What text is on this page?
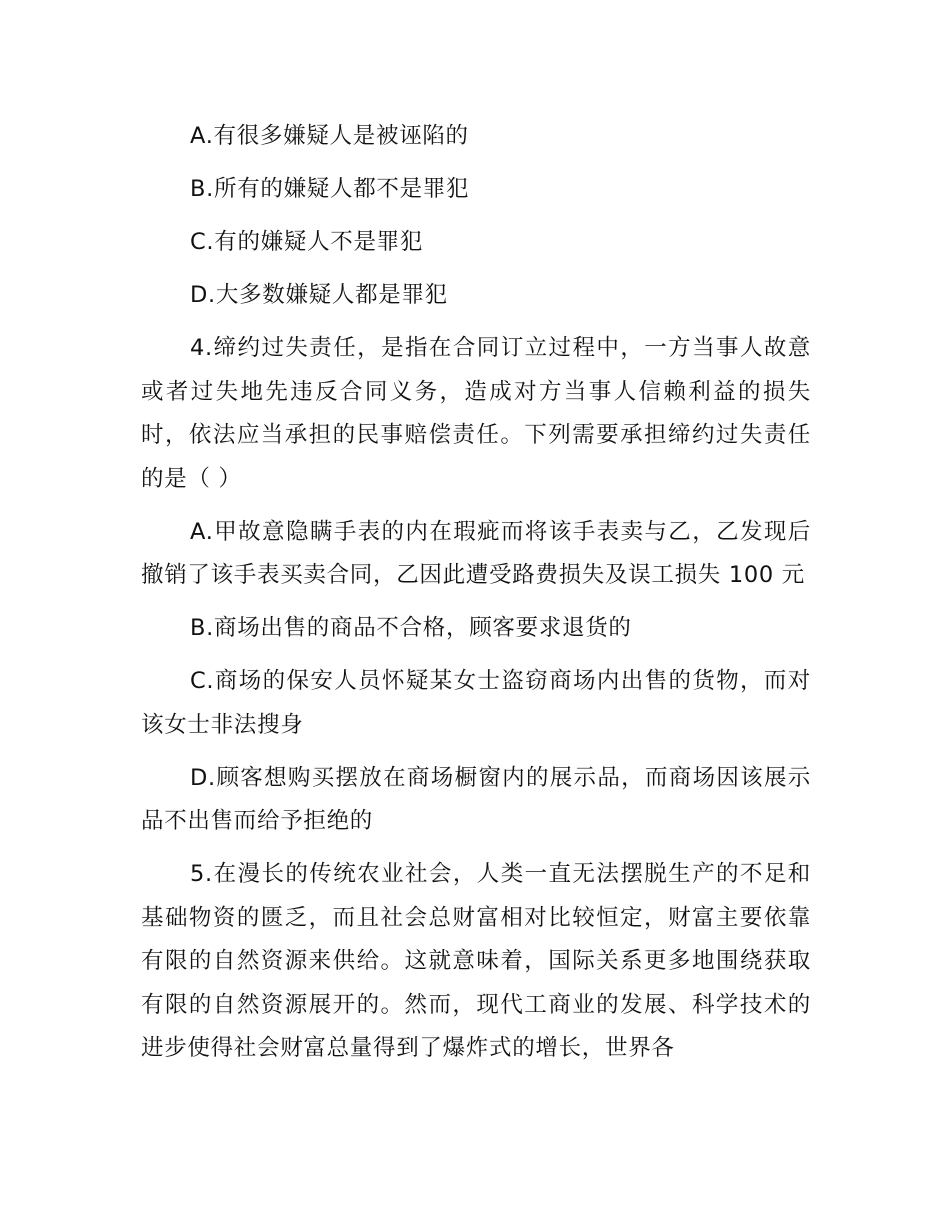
A.有很多嫌疑人是被诬陷的

B.所有的嫌疑人都不是罪犯

C.有的嫌疑人不是罪犯

D.大多数嫌疑人都是罪犯

4.缔约过失责任，是指在合同订立过程中，一方当事人故意或者过失地先违反合同义务，造成对方当事人信赖利益的损失时，依法应当承担的民事赔偿责任。下列需要承担缔约过失责任的是（ ）

A.甲故意隐瞒手表的内在瑕疵而将该手表卖与乙，乙发现后撤销了该手表买卖合同，乙因此遭受路费损失及误工损失 100 元

B.商场出售的商品不合格，顾客要求退货的

C.商场的保安人员怀疑某女士盗窃商场内出售的货物，而对该女士非法搜身

D.顾客想购买摆放在商场橱窗内的展示品，而商场因该展示品不出售而给予拒绝的

5.在漫长的传统农业社会，人类一直无法摆脱生产的不足和基础物资的匮乏，而且社会总财富相对比较恒定，财富主要依靠有限的自然资源来供给。这就意味着，国际关系更多地围绕获取有限的自然资源展开的。然而，现代工商业的发展、科学技术的进步使得社会财富总量得到了爆炸式的增长，世界各
